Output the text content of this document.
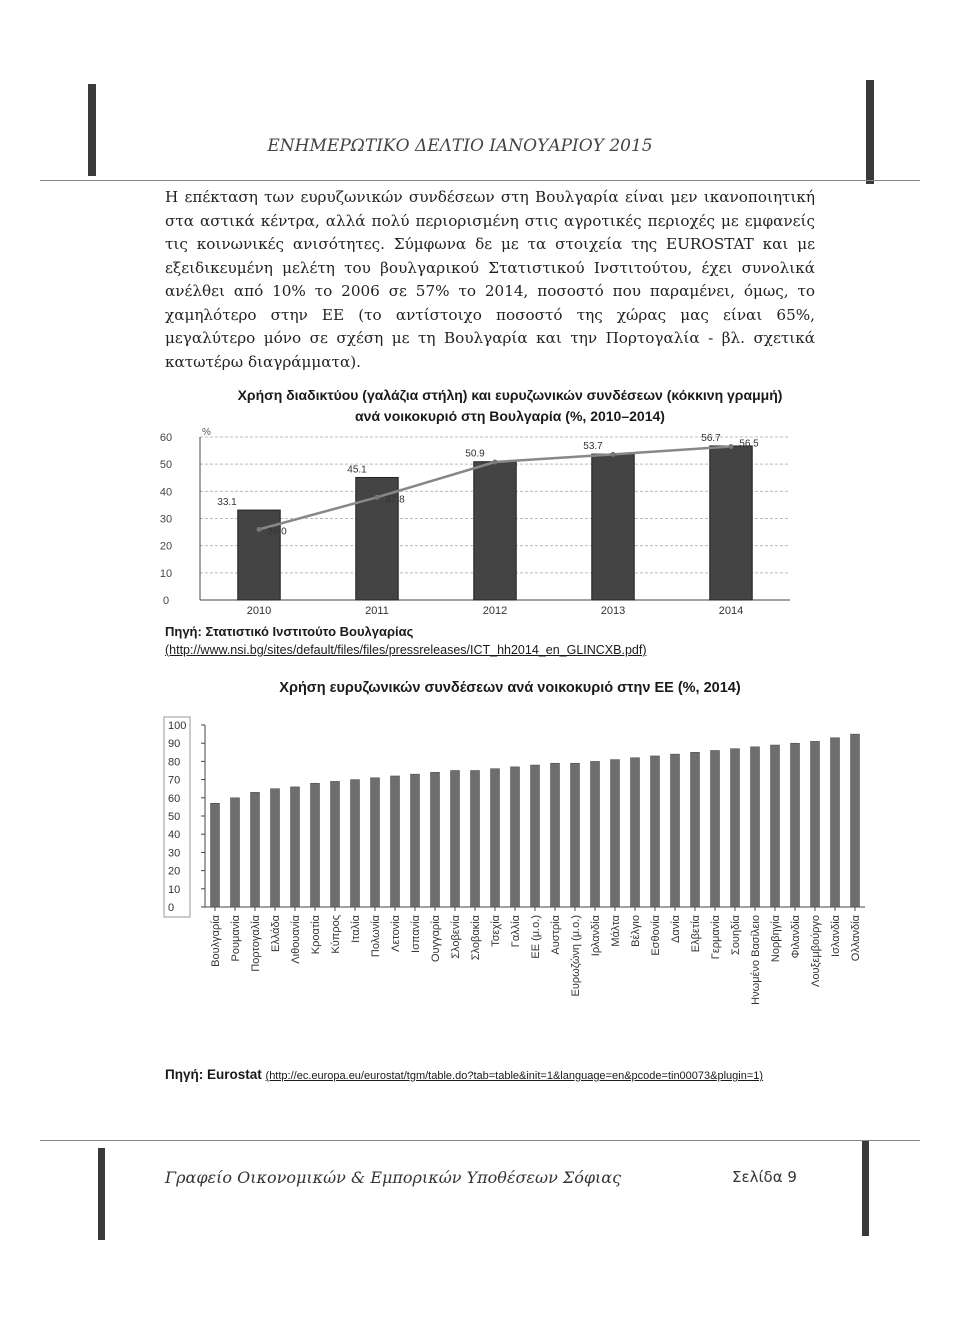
ΕΝΗΜΕΡΩΤΙΚΟ ΔΕΛΤΙΟ ΙΑΝΟΥΑΡΙΟΥ 2015
Η επέκταση των ευρυζωνικών συνδέσεων στη Βουλγαρία είναι μεν ικανοποιητική στα αστικά κέντρα, αλλά πολύ περιορισμένη στις αγροτικές περιοχές με εμφανείς τις κοινωνικές ανισότητες. Σύμφωνα δε με τα στοιχεία της EUROSTAT και με εξειδικευμένη μελέτη του βουλγαρικού Στατιστικού Ινστιτούτου, έχει συνολικά ανέλθει από 10% το 2006 σε 57% το 2014, ποσοστό που παραμένει, όμως, το χαμηλότερο στην ΕΕ (το αντίστοιχο ποσοστό της χώρας μας είναι 65%, μεγαλύτερο μόνο σε σχέση με τη Βουλγαρία και την Πορτογαλία - βλ. σχετικά κατωτέρω διαγράμματα).
Χρήση διαδικτύου (γαλάζια στήλη) και ευρυζωνικών συνδέσεων (κόκκινη γραμμή)
ανά νοικοκυριό στη Βουλγαρία (%, 2010–2014)
%
0
10
20
30
40
50
60
2010
33.1
2011
45.1
2012
50.9
2013
53.7
2014
56.7
26.0
37.8
56.5
Πηγή: Στατιστικό Ινστιτούτο Βουλγαρίας
(http://www.nsi.bg/sites/default/files/files/pressreleases/ICT_hh2014_en_GLINCXB.pdf)
Χρήση ευρυζωνικών συνδέσεων ανά νοικοκυριό στην ΕΕ (%, 2014)
0
10
20
30
40
50
60
70
80
90
100
Βουλγαρία Ρουμανία Πορτογαλία Ελλάδα Λιθουανία Κροατία Κύπρος Ιταλία Πολωνία Λετονία Ισπανία Ουγγαρία Σλοβενία Σλοβακία Τσεχία Γαλλία ΕΕ (μ.ο.) Αυστρία Ευρωζώνη (μ.ο.) Ιρλανδία Μάλτα Βέλγιο Εσθονία Δανία Ελβετία Γερμανία Σουηδία Ηνωμένο Βασίλειο Νορβηγία Φιλανδία Λουξεμβούργο Ισλανδία Ολλανδία
Πηγή: Eurostat (http://ec.europa.eu/eurostat/tgm/table.do?tab=table&init=1&language=en&pcode=tin00073&plugin=1)
Γραφείο Οικονομικών & Εμπορικών Υποθέσεων Σόφιας	Σελίδα 9
